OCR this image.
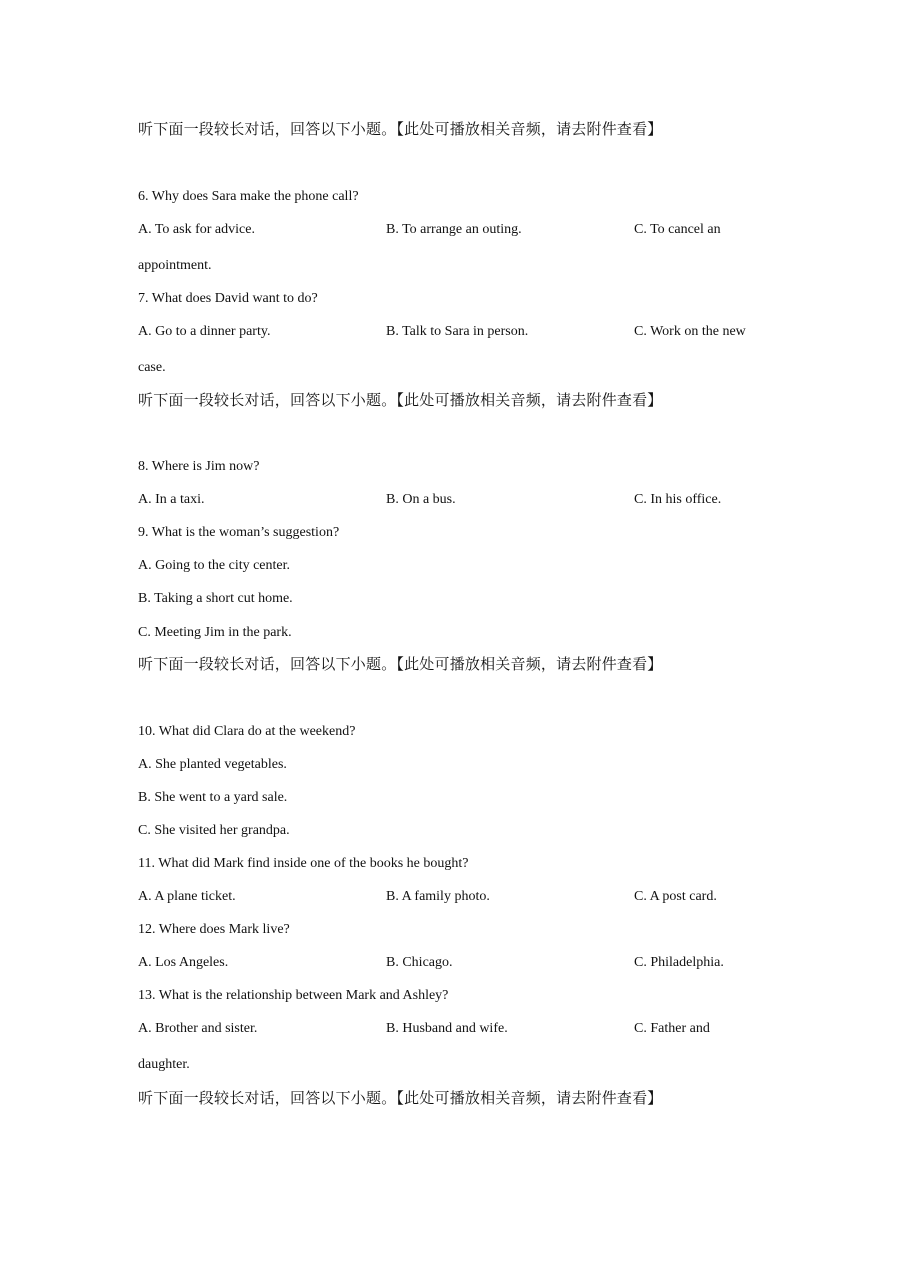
听下面一段较长对话，回答以下小题。【此处可播放相关音频，请去附件查看】
6. Why does Sara make the phone call?
A. To ask for advice.	B. To arrange an outing.	C. To cancel an
appointment.
7. What does David want to do?
A. Go to a dinner party.	B. Talk to Sara in person.	C. Work on the new
case.
听下面一段较长对话，回答以下小题。【此处可播放相关音频，请去附件查看】
8. Where is Jim now?
A. In a taxi.	B. On a bus.	C. In his office.
9. What is the woman’s suggestion?
A. Going to the city center.
B. Taking a short cut home.
C. Meeting Jim in the park.
听下面一段较长对话，回答以下小题。【此处可播放相关音频，请去附件查看】
10. What did Clara do at the weekend?
A. She planted vegetables.
B. She went to a yard sale.
C. She visited her grandpa.
11. What did Mark find inside one of the books he bought?
A. A plane ticket.	B. A family photo.	C. A post card.
12. Where does Mark live?
A. Los Angeles.	B. Chicago.	C. Philadelphia.
13. What is the relationship between Mark and Ashley?
A. Brother and sister.	B. Husband and wife.	C. Father and
daughter.
听下面一段较长对话，回答以下小题。【此处可播放相关音频，请去附件查看】
